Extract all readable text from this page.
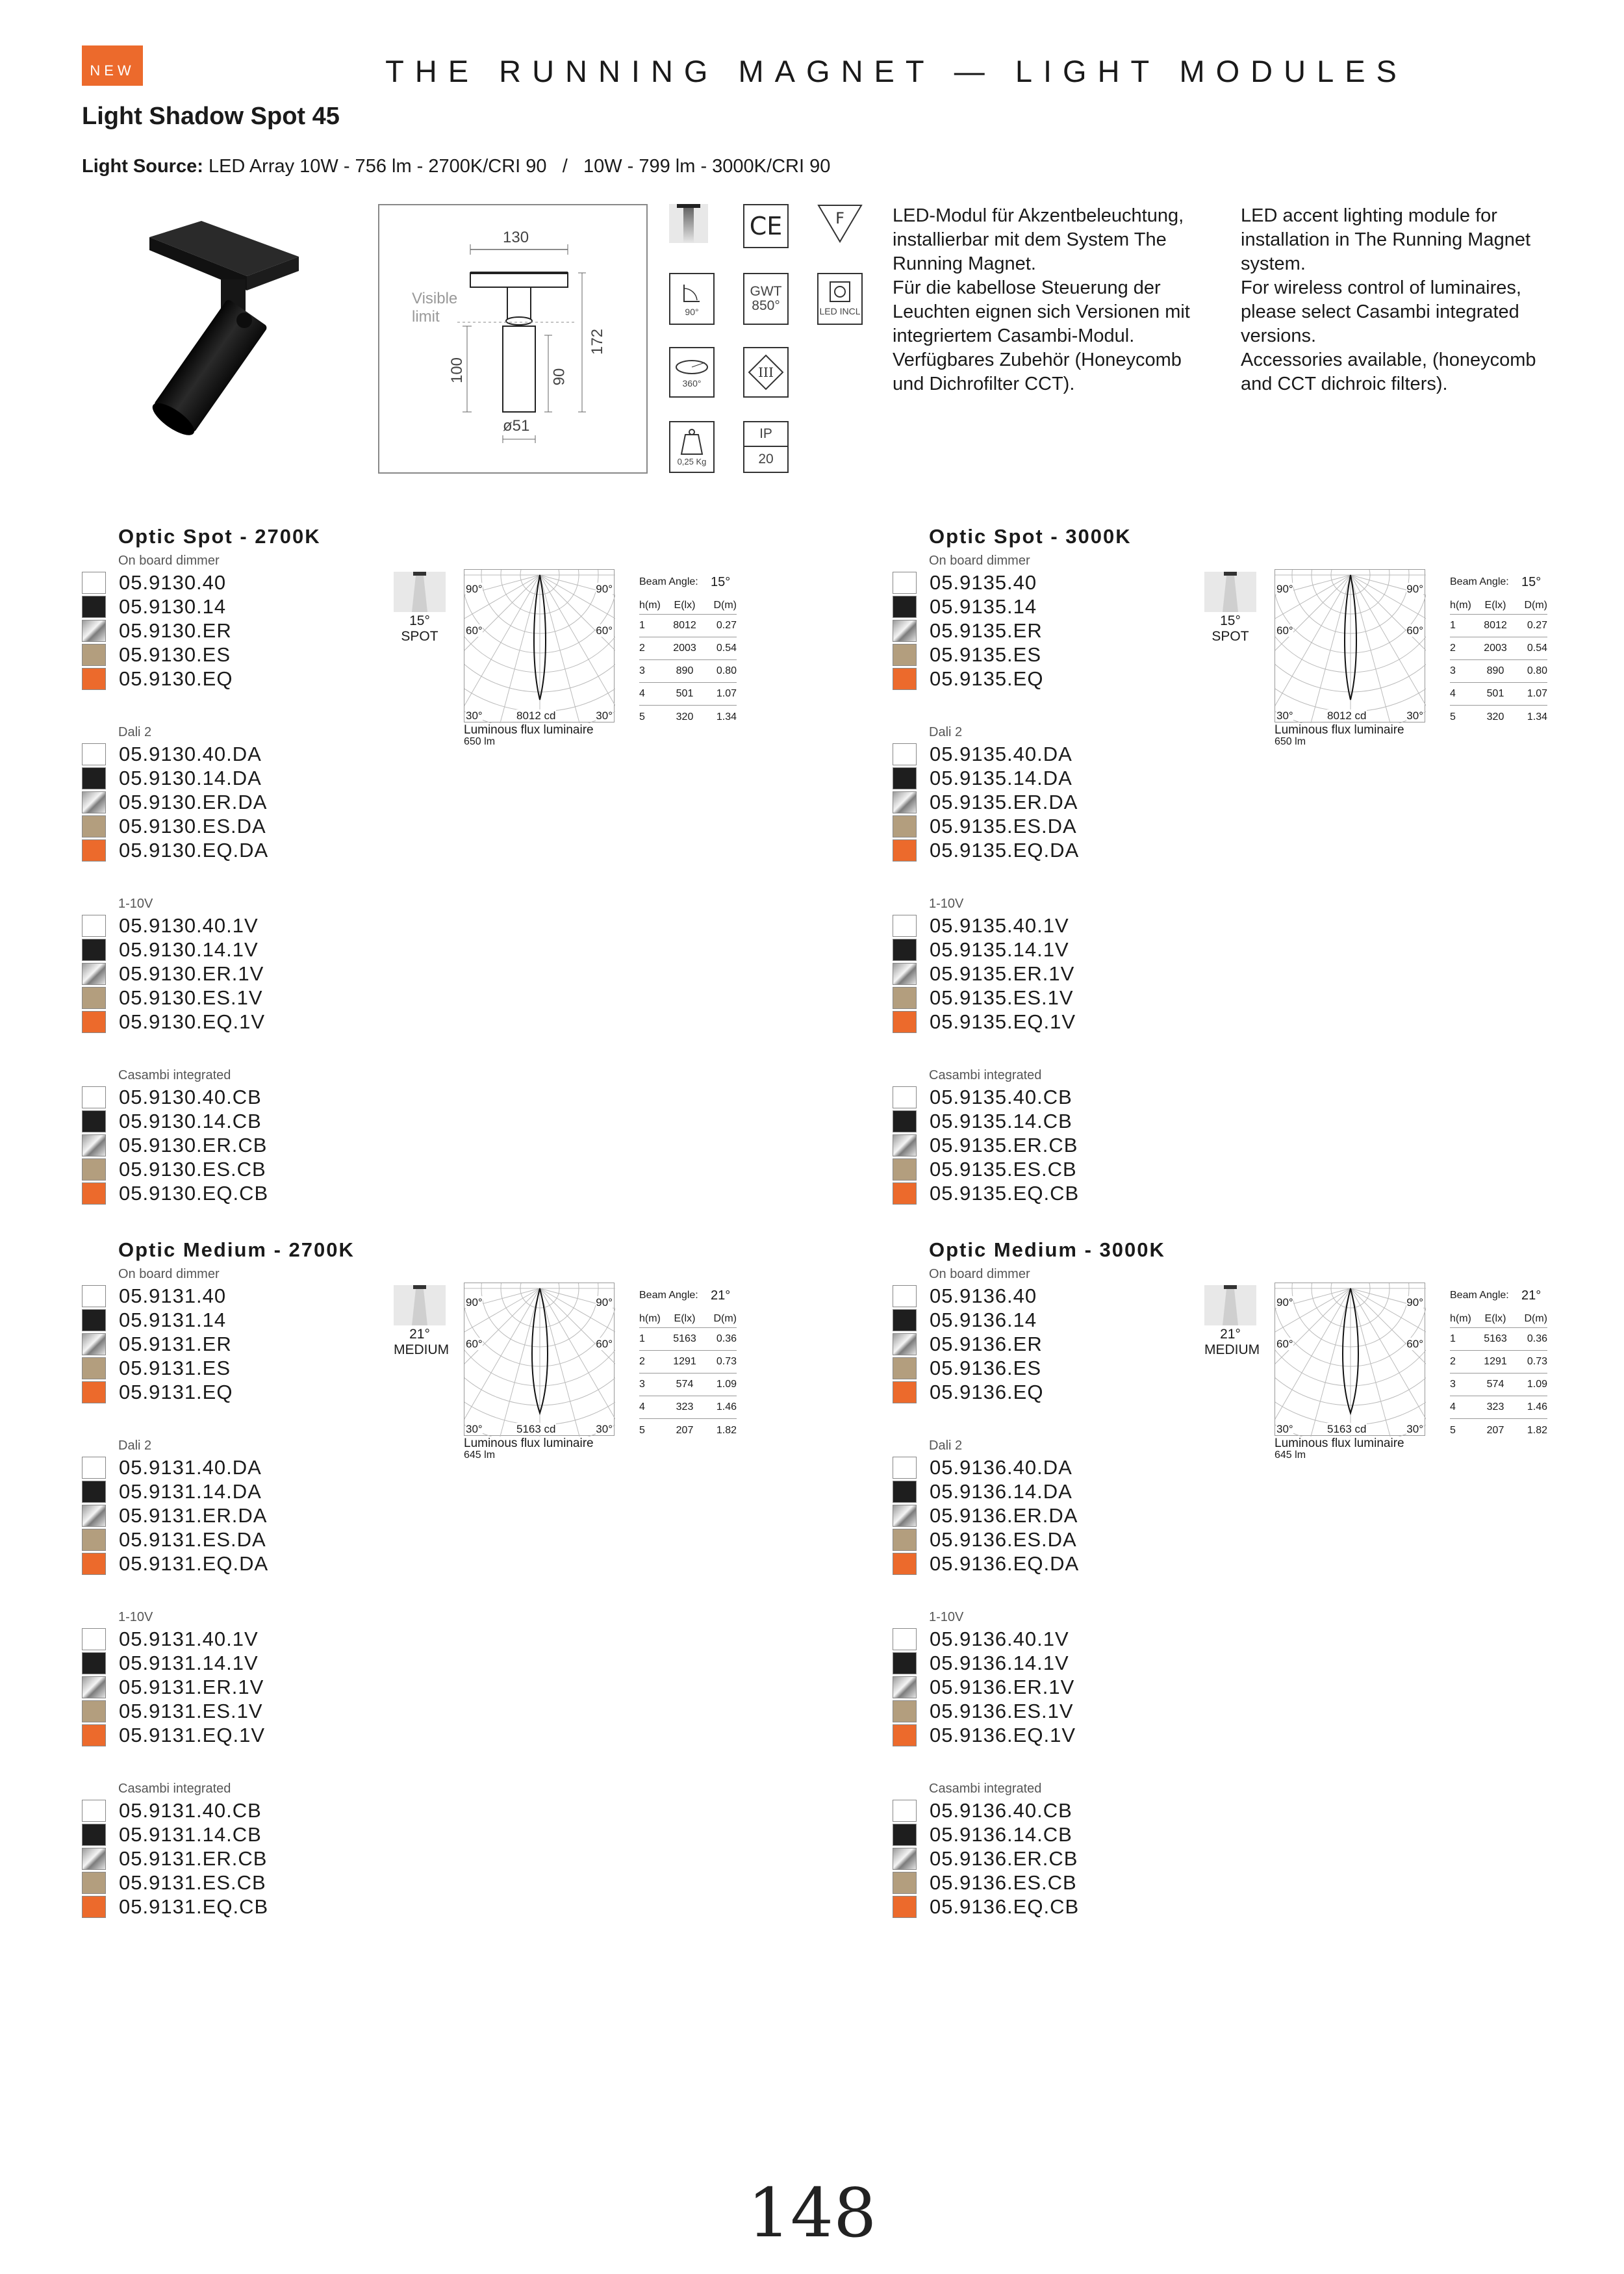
NEW	THE RUNNING MAGNET — LIGHT MODULES
Light Shadow Spot 45
Light Source: LED Array 10W - 756 lm - 2700K/CRI 90   /   10W - 799 lm - 3000K/CRI 90
130
Visible limit
100	90
172
ø51
CE	F
90°
GWT 850°	LED INCL
360°
III
0,25 Kg
IP
20
LED-Modul für Akzentbeleuchtung, installierbar mit dem System The Running Magnet.
Für die kabellose Steuerung der Leuchten eignen sich Versionen mit integriertem Casambi-Modul.
Verfügbares Zubehör (Honeycomb und Dichrofilter CCT).
LED accent lighting module for installation in The Running Magnet system.
For wireless control of luminaires, please select Casambi integrated versions.
Accessories available, (honeycomb and CCT dichroic filters).
Optic Spot - 2700K
On board dimmer
05.9130.40
05.9130.14
05.9130.ER
05.9130.ES
05.9130.EQ
Dali 2
05.9130.40.DA
05.9130.14.DA
05.9130.ER.DA
05.9130.ES.DA
05.9130.EQ.DA
1-10V
05.9130.40.1V
05.9130.14.1V
05.9130.ER.1V
05.9130.ES.1V
05.9130.EQ.1V
Casambi integrated
05.9130.40.CB
05.9130.14.CB
05.9130.ER.CB
05.9130.ES.CB
05.9130.EQ.CB
15°
SPOT
90°	90°
60°	60°
30°	30°
8012 cd
Luminous flux luminaire
650 lm
Beam Angle: 15°
h(m)	E(lx)	D(m)
1	8012	0.27
2	2003	0.54
3	890	0.80
4	501	1.07
5	320	1.34
Optic Spot - 3000K
On board dimmer
05.9135.40
05.9135.14
05.9135.ER
05.9135.ES
05.9135.EQ
Dali 2
05.9135.40.DA
05.9135.14.DA
05.9135.ER.DA
05.9135.ES.DA
05.9135.EQ.DA
1-10V
05.9135.40.1V
05.9135.14.1V
05.9135.ER.1V
05.9135.ES.1V
05.9135.EQ.1V
Casambi integrated
05.9135.40.CB
05.9135.14.CB
05.9135.ER.CB
05.9135.ES.CB
05.9135.EQ.CB
15°
SPOT
90°	90°
60°	60°
30°	30°
8012 cd
Luminous flux luminaire
650 lm
Beam Angle: 15°
h(m)	E(lx)	D(m)
1	8012	0.27
2	2003	0.54
3	890	0.80
4	501	1.07
5	320	1.34
Optic Medium - 2700K
On board dimmer
05.9131.40
05.9131.14
05.9131.ER
05.9131.ES
05.9131.EQ
Dali 2
05.9131.40.DA
05.9131.14.DA
05.9131.ER.DA
05.9131.ES.DA
05.9131.EQ.DA
1-10V
05.9131.40.1V
05.9131.14.1V
05.9131.ER.1V
05.9131.ES.1V
05.9131.EQ.1V
Casambi integrated
05.9131.40.CB
05.9131.14.CB
05.9131.ER.CB
05.9131.ES.CB
05.9131.EQ.CB
21°
MEDIUM
90°	90°
60°	60°
30°	30°
5163 cd
Luminous flux luminaire
645 lm
Beam Angle: 21°
h(m)	E(lx)	D(m)
1	5163	0.36
2	1291	0.73
3	574	1.09
4	323	1.46
5	207	1.82
Optic Medium - 3000K
On board dimmer
05.9136.40
05.9136.14
05.9136.ER
05.9136.ES
05.9136.EQ
Dali 2
05.9136.40.DA
05.9136.14.DA
05.9136.ER.DA
05.9136.ES.DA
05.9136.EQ.DA
1-10V
05.9136.40.1V
05.9136.14.1V
05.9136.ER.1V
05.9136.ES.1V
05.9136.EQ.1V
Casambi integrated
05.9136.40.CB
05.9136.14.CB
05.9136.ER.CB
05.9136.ES.CB
05.9136.EQ.CB
21°
MEDIUM
90°	90°
60°	60°
30°	30°
5163 cd
Luminous flux luminaire
645 lm
Beam Angle: 21°
h(m)	E(lx)	D(m)
1	5163	0.36
2	1291	0.73
3	574	1.09
4	323	1.46
5	207	1.82
148
